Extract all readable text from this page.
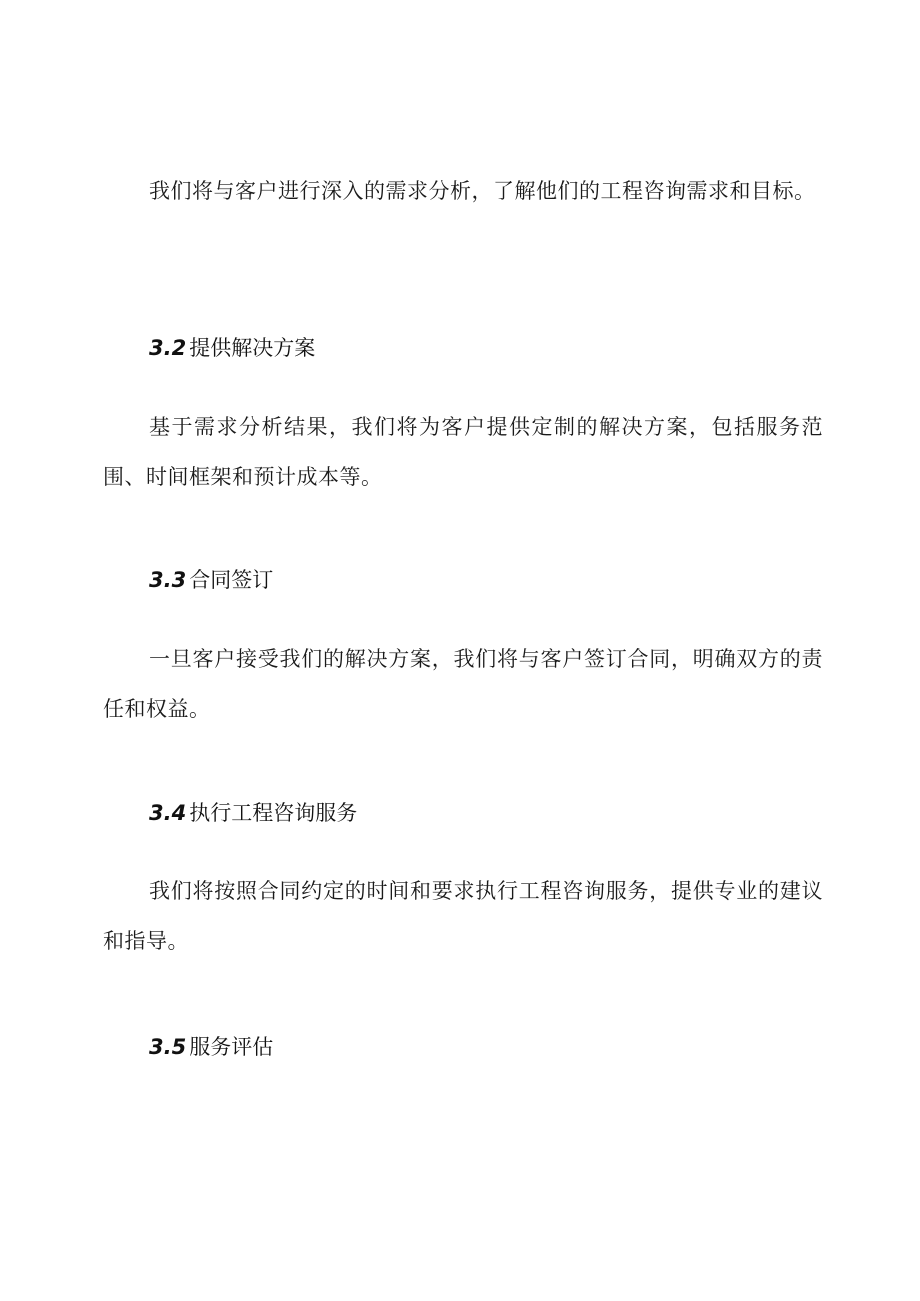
我们将与客户进行深入的需求分析，了解他们的工程咨询需求和目标。

3.2 提供解决方案

基于需求分析结果，我们将为客户提供定制的解决方案，包括服务范围、时间框架和预计成本等。

3.3 合同签订

一旦客户接受我们的解决方案，我们将与客户签订合同，明确双方的责任和权益。

3.4 执行工程咨询服务

我们将按照合同约定的时间和要求执行工程咨询服务，提供专业的建议和指导。

3.5 服务评估
